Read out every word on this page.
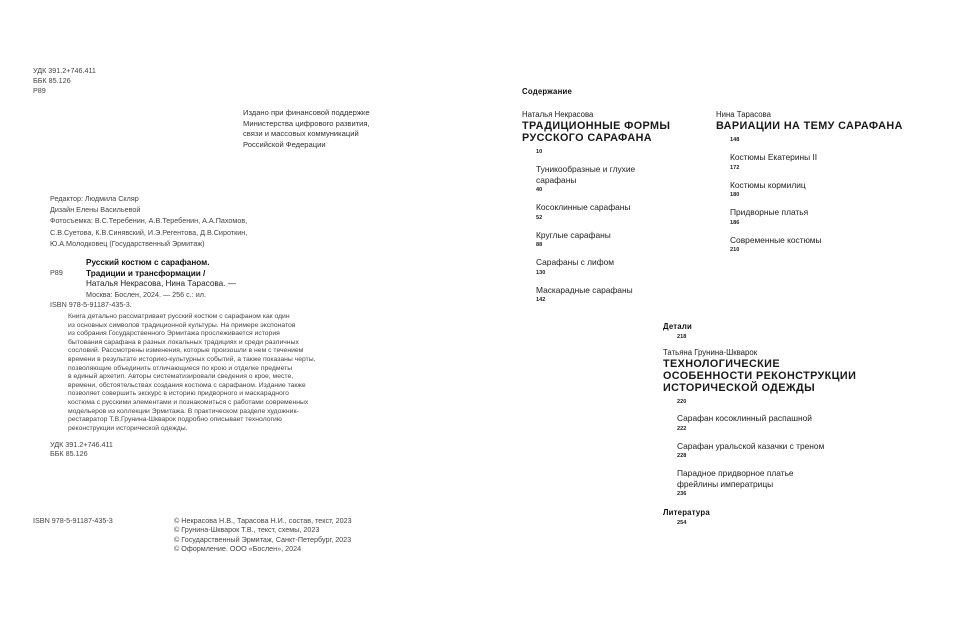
УДК 391.2+746.411
ББК 85.126
Р89
Издано при финансовой поддержке
Министерства цифрового развития,
связи и массовых коммуникаций
Российской Федерации
Редактор: Людмила Скляр
Дизайн Елены Васильевой
Фотосъемка: В.С.Теребенин, А.В.Теребенин, А.А.Пахомов,
С.В.Суетова, К.В.Синявский, И.Э.Регентова, Д.В.Сироткин,
Ю.А.Молодковец (Государственный Эрмитаж)
Р89
Русский костюм с сарафаном.
Традиции и трансформации /
Наталья Некрасова, Нина Тарасова. —
Москва: Бослен, 2024. — 256 с.: ил.
ISBN 978-5-91187-435-3.
Книга детально рассматривает русский костюм с сарафаном как один
из основных символов традиционной культуры. На примере экспонатов
из собрания Государственного Эрмитажа прослеживается история
бытования сарафана в разных локальных традициях и среди различных
сословий. Рассмотрены изменения, которые произошли в нем с течением
времени в результате историко-культурных событий, а также показаны черты,
позволяющие объединить отличающиеся по крою и отделке предметы
в единый архетип. Авторы систематизировали сведения о крое, месте,
времени, обстоятельствах создания костюма с сарафаном. Издание также
позволяет совершить экскурс в историю придворного и маскарадного
костюма с русскими элементами и познакомиться с работами современных
модельеров из коллекции Эрмитажа. В практическом разделе художник-
реставратор Т.В.Грунина-Шкварок подробно описывает технологию
реконструкции исторической одежды.
УДК 391.2+746.411
ББК 85.126
ISBN 978-5-91187-435-3	© Некрасова Н.В., Тарасова Н.И., состав, текст, 2023
© Грунина-Шкварок Т.В., текст, схемы, 2023
© Государственный Эрмитаж, Санкт-Петербург, 2023
© Оформление. ООО «Бослен», 2024
Содержание
Наталья Некрасова
ТРАДИЦИОННЫЕ ФОРМЫ
РУССКОГО САРАФАНА
10
Туникообразные и глухие
сарафаны
40
Косоклинные сарафаны
52
Круглые сарафаны
88
Сарафаны с лифом
130
Маскарадные сарафаны
142
Нина Тарасова
ВАРИАЦИИ НА ТЕМУ САРАФАНА
148
Костюмы Екатерины II
172
Костюмы кормилиц
180
Придворные платья
186
Современные костюмы
210
Детали
218
Татьяна Грунина-Шкварок
ТЕХНОЛОГИЧЕСКИЕ
ОСОБЕННОСТИ РЕКОНСТРУКЦИИ
ИСТОРИЧЕСКОЙ ОДЕЖДЫ
220
Сарафан косоклинный распашной
222
Сарафан уральской казачки с треном
228
Парадное придворное платье
фрейлины императрицы
236
Литература
254
